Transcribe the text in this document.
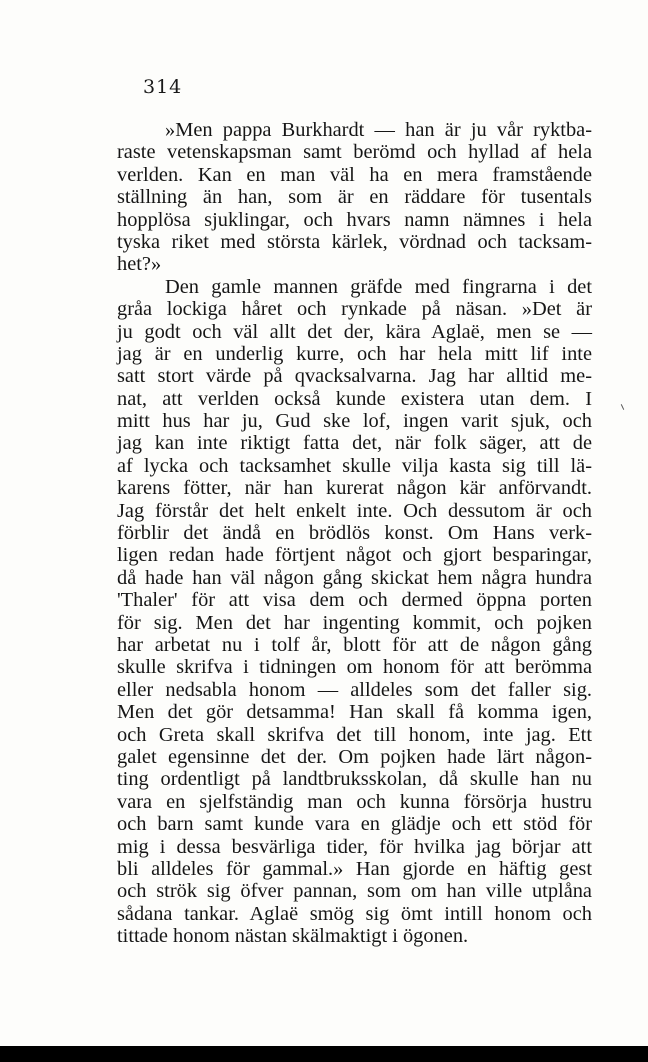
314
»Men pappa Burkhardt — han är ju vår ryktba-
raste vetenskapsman samt berömd och hyllad af hela
verlden. Kan en man väl ha en mera framstående
ställning än han, som är en räddare för tusentals
hopplösa sjuklingar, och hvars namn nämnes i hela
tyska riket med största kärlek, vördnad och tacksam-
het?»
Den gamle mannen gräfde med fingrarna i det
gråa lockiga håret och rynkade på näsan. »Det är
ju godt och väl allt det der, kära Aglaë, men se —
jag är en underlig kurre, och har hela mitt lif inte
satt stort värde på qvacksalvarna. Jag har alltid me-
nat, att verlden också kunde existera utan dem. I
mitt hus har ju, Gud ske lof, ingen varit sjuk, och
jag kan inte riktigt fatta det, när folk säger, att de
af lycka och tacksamhet skulle vilja kasta sig till lä-
karens fötter, när han kurerat någon kär anförvandt.
Jag förstår det helt enkelt inte. Och dessutom är och
förblir det ändå en brödlös konst. Om Hans verk-
ligen redan hade förtjent något och gjort besparingar,
då hade han väl någon gång skickat hem några hundra
'Thaler' för att visa dem och dermed öppna porten
för sig. Men det har ingenting kommit, och pojken
har arbetat nu i tolf år, blott för att de någon gång
skulle skrifva i tidningen om honom för att berömma
eller nedsabla honom — alldeles som det faller sig.
Men det gör detsamma! Han skall få komma igen,
och Greta skall skrifva det till honom, inte jag. Ett
galet egensinne det der. Om pojken hade lärt någon-
ting ordentligt på landtbruksskolan, då skulle han nu
vara en sjelfständig man och kunna försörja hustru
och barn samt kunde vara en glädje och ett stöd för
mig i dessa besvärliga tider, för hvilka jag börjar att
bli alldeles för gammal.» Han gjorde en häftig gest
och strök sig öfver pannan, som om han ville utplåna
sådana tankar. Aglaë smög sig ömt intill honom och
tittade honom nästan skälmaktigt i ögonen.
